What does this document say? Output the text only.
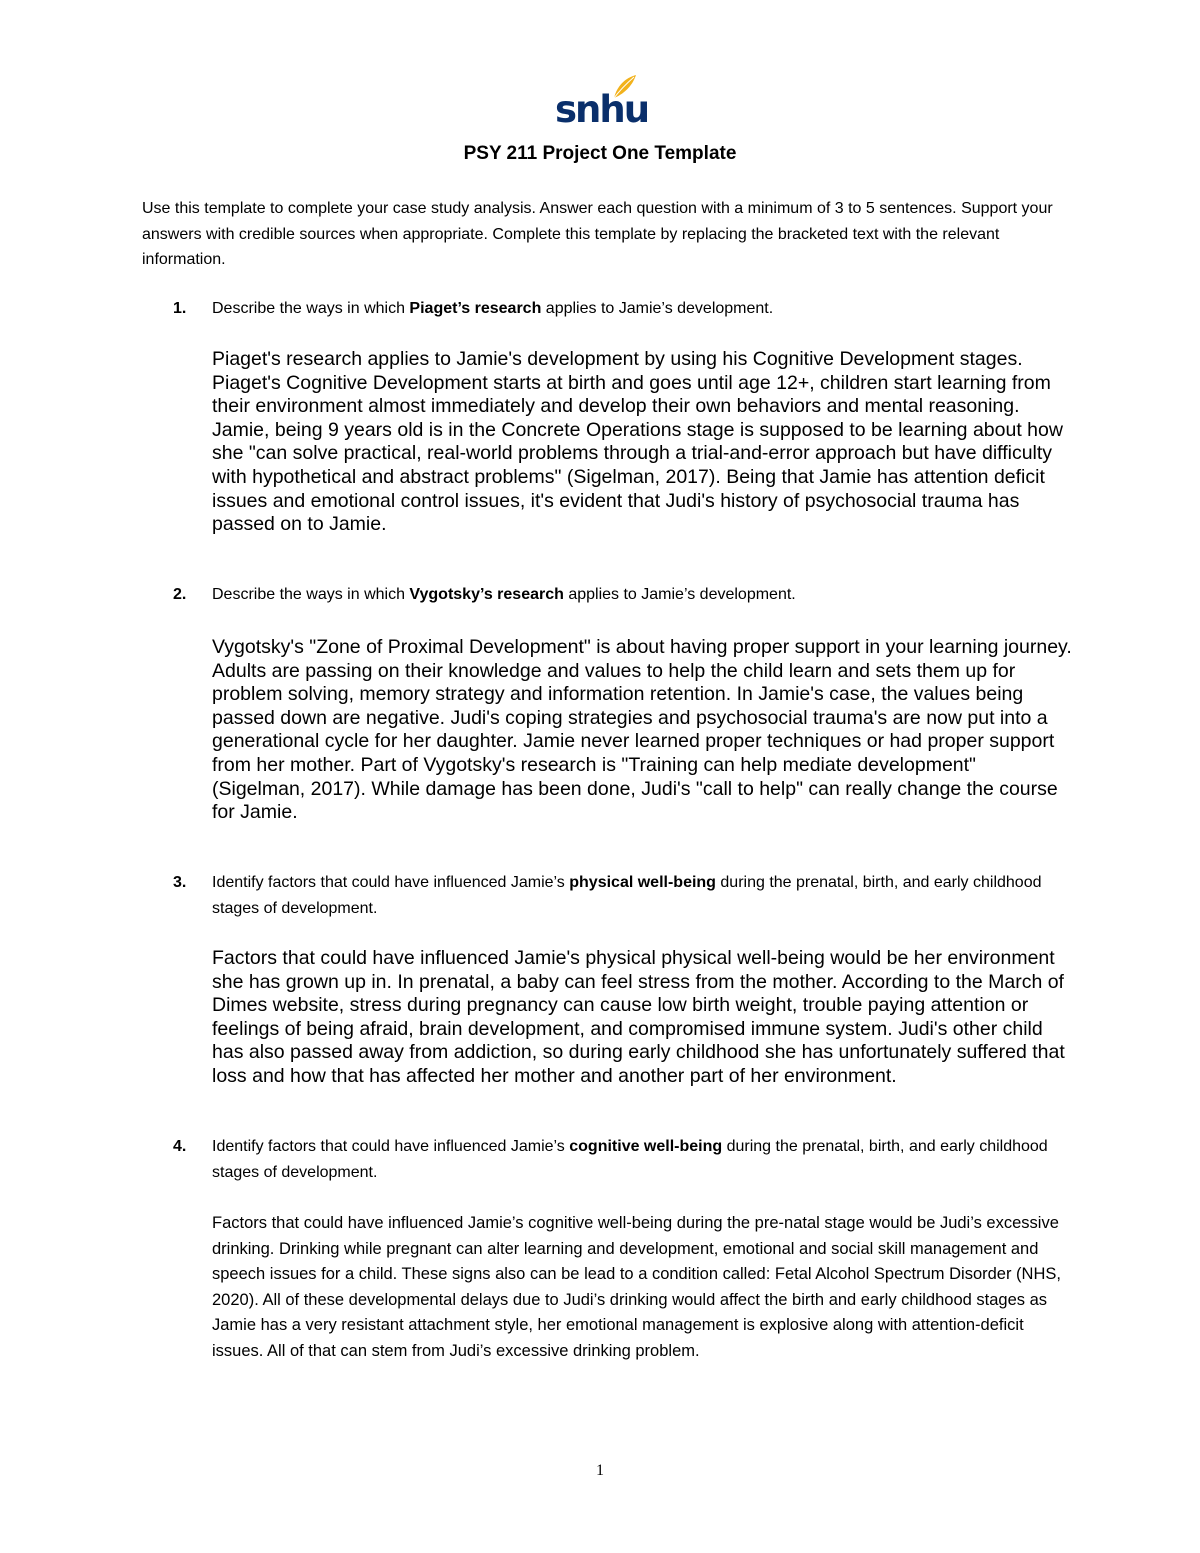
snhu
PSY 211 Project One Template
Use this template to complete your case study analysis. Answer each question with a minimum of 3 to 5 sentences. Support your answers with credible sources when appropriate. Complete this template by replacing the bracketed text with the relevant information.
1. Describe the ways in which Piaget’s research applies to Jamie’s development.
Piaget's research applies to Jamie's development by using his Cognitive Development stages. Piaget's Cognitive Development starts at birth and goes until age 12+, children start learning from their environment almost immediately and develop their own behaviors and mental reasoning. Jamie, being 9 years old is in the Concrete Operations stage is supposed to be learning about how she "can solve practical, real-world problems through a trial-and-error approach but have difficulty with hypothetical and abstract problems" (Sigelman, 2017). Being that Jamie has attention deficit issues and emotional control issues, it's evident that Judi's history of psychosocial trauma has passed on to Jamie.
2. Describe the ways in which Vygotsky’s research applies to Jamie’s development.
Vygotsky's "Zone of Proximal Development" is about having proper support in your learning journey. Adults are passing on their knowledge and values to help the child learn and sets them up for problem solving, memory strategy and information retention. In Jamie's case, the values being passed down are negative. Judi's coping strategies and psychosocial trauma's are now put into a generational cycle for her daughter. Jamie never learned proper techniques or had proper support from her mother. Part of Vygotsky's research is "Training can help mediate development" (Sigelman, 2017). While damage has been done, Judi's "call to help" can really change the course for Jamie.
3. Identify factors that could have influenced Jamie’s physical well-being during the prenatal, birth, and early childhood stages of development.
Factors that could have influenced Jamie's physical physical well-being would be her environment she has grown up in. In prenatal, a baby can feel stress from the mother. According to the March of Dimes website, stress during pregnancy can cause low birth weight, trouble paying attention or feelings of being afraid, brain development, and compromised immune system. Judi's other child has also passed away from addiction, so during early childhood she has unfortunately suffered that loss and how that has affected her mother and another part of her environment.
4. Identify factors that could have influenced Jamie’s cognitive well-being during the prenatal, birth, and early childhood stages of development.
Factors that could have influenced Jamie’s cognitive well-being during the pre-natal stage would be Judi’s excessive drinking. Drinking while pregnant can alter learning and development, emotional and social skill management and speech issues for a child. These signs also can be lead to a condition called: Fetal Alcohol Spectrum Disorder (NHS, 2020). All of these developmental delays due to Judi’s drinking would affect the birth and early childhood stages as Jamie has a very resistant attachment style, her emotional management is explosive along with attention-deficit issues. All of that can stem from Judi’s excessive drinking problem.
1
